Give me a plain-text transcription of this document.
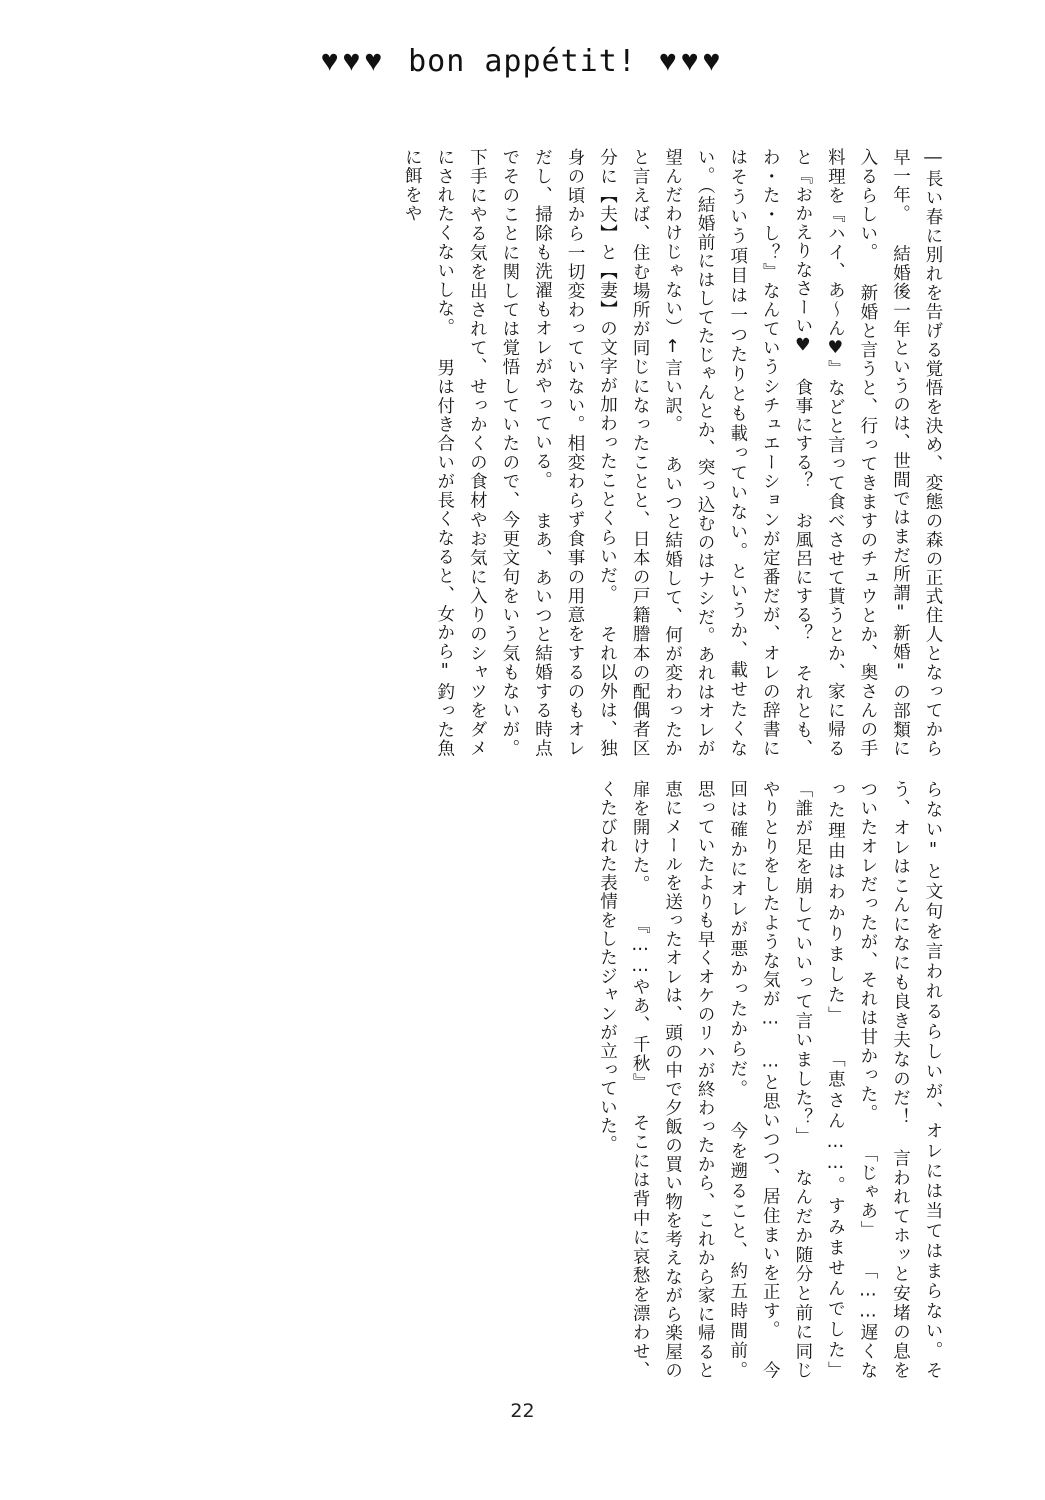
♥♥♥ bon appétit! ♥♥♥
―長い春に別れを告げる覚悟を決め、変態の森の正式住人となってから早一年。 結婚後一年というのは、世間ではまだ所謂"新婚"の部類に入るらしい。 新婚と言うと、行ってきますのチュウとか、奥さんの手料理を『ハイ、あ～ん♥』などと言って食べさせて貰うとか、家に帰ると『おかえりなさーい♥ 食事にする？ お風呂にする？ それとも、わ・た・し？』なんていうシチュエーションが定番だが、オレの辞書にはそういう項目は一つたりとも載っていない。というか、載せたくない。（結婚前にはしてたじゃんとか、突っ込むのはナシだ。あれはオレが望んだわけじゃない）↑言い訳。 あいつと結婚して、何が変わったかと言えば、住む場所が同じになったことと、日本の戸籍謄本の配偶者区分に【夫】と【妻】の文字が加わったことくらいだ。 それ以外は、独身の頃から一切変わっていない。相変わらず食事の用意をするのもオレだし、掃除も洗濯もオレがやっている。 まあ、あいつと結婚する時点でそのことに関しては覚悟していたので、今更文句をいう気もないが。 下手にやる気を出されて、せっかくの食材やお気に入りのシャツをダメにされたくないしな。 男は付き合いが長くなると、女から"釣った魚に餌をや
らない"と文句を言われるらしいが、オレには当てはまらない。そう、オレはこんになにも良き夫なのだ！ 言われてホッと安堵の息をついたオレだったが、それは甘かった。 「じゃあ」 「……遅くなった理由はわかりました」 「恵さん……。すみませんでした」 「誰が足を崩していいって言いました？」 なんだか随分と前に同じやりとりをしたような気が… …と思いつつ、居住まいを正す。 今回は確かにオレが悪かったからだ。 今を遡ること、約五時間前。 思っていたよりも早くオケのリハが終わったから、これから家に帰ると恵にメールを送ったオレは、頭の中で夕飯の買い物を考えながら楽屋の扉を開けた。 『……やあ、千秋』 そこには背中に哀愁を漂わせ、くたびれた表情をしたジャンが立っていた。
22
